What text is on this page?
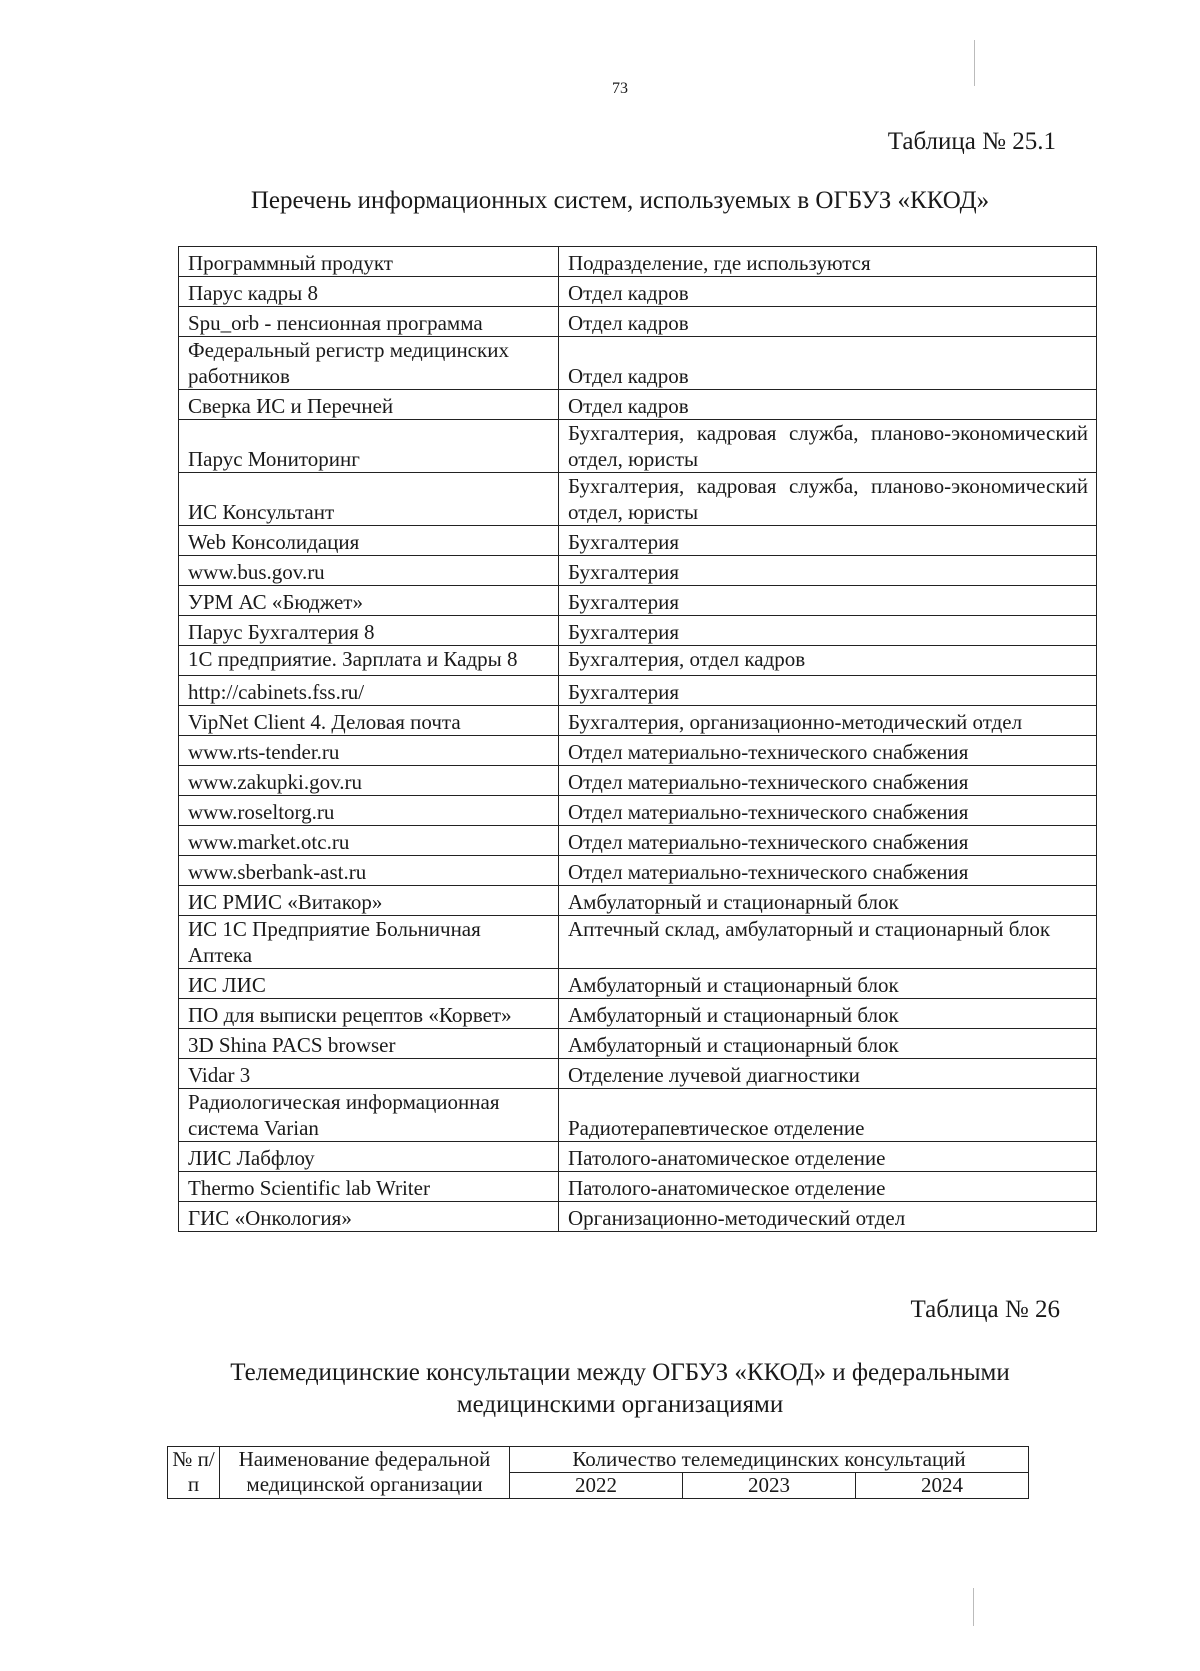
73
Таблица № 25.1
Перечень информационных систем, используемых в ОГБУЗ «ККОД»
Программный продукт	Подразделение, где используются
Парус кадры 8	Отдел кадров
Spu_orb - пенсионная программа	Отдел кадров
Федеральный регистр медицинских работников	Отдел кадров
Сверка ИС и Перечней	Отдел кадров
Парус Мониторинг	Бухгалтерия, кадровая служба, планово-экономический отдел, юристы
ИС Консультант	Бухгалтерия, кадровая служба, планово-экономический отдел, юристы
Web Консолидация	Бухгалтерия
www.bus.gov.ru	Бухгалтерия
УРМ АС «Бюджет»	Бухгалтерия
Парус Бухгалтерия 8	Бухгалтерия
1С предприятие. Зарплата и Кадры 8	Бухгалтерия, отдел кадров
http://cabinets.fss.ru/	Бухгалтерия
VipNet Client 4. Деловая почта	Бухгалтерия, организационно-методический отдел
www.rts-tender.ru	Отдел материально-технического снабжения
www.zakupki.gov.ru	Отдел материально-технического снабжения
www.roseltorg.ru	Отдел материально-технического снабжения
www.market.otc.ru	Отдел материально-технического снабжения
www.sberbank-ast.ru	Отдел материально-технического снабжения
ИС РМИС «Витакор»	Амбулаторный и стационарный блок
ИС 1С Предприятие Больничная Аптека	Аптечный склад, амбулаторный и стационарный блок
ИС ЛИС	Амбулаторный и стационарный блок
ПО для выписки рецептов «Корвет»	Амбулаторный и стационарный блок
3D Shina PACS browser	Амбулаторный и стационарный блок
Vidar 3	Отделение лучевой диагностики
Радиологическая информационная система Varian	Радиотерапевтическое отделение
ЛИС Лабфлоу	Патолого-анатомическое отделение
Thermo Scientific lab Writer	Патолого-анатомическое отделение
ГИС «Онкология»	Организационно-методический отдел
Таблица № 26
Телемедицинские консультации между ОГБУЗ «ККОД» и федеральными медицинскими организациями
№ п/п	Наименование федеральной медицинской организации	Количество телемедицинских консультаций		
		2022	2023	2024
